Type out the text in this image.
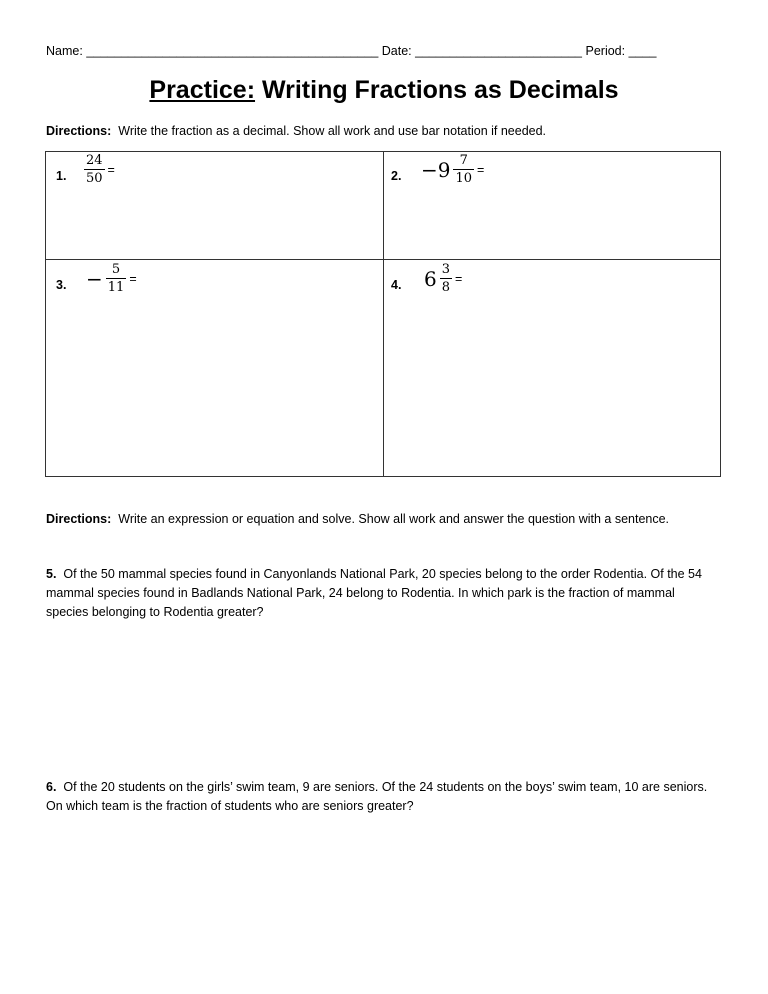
Name: __________________________________________ Date: ________________________ Period: ____
Practice: Writing Fractions as Decimals
Directions: Write the fraction as a decimal. Show all work and use bar notation if needed.
1. $\frac{24}{50}$ =	2. $-9 \frac{7}{10}$ =
3. − $\frac{5}{11}$ =	4. $6 \frac{3}{8}$ =
Directions: Write an expression or equation and solve. Show all work and answer the question with a sentence.
5. Of the 50 mammal species found in Canyonlands National Park, 20 species belong to the order Rodentia. Of the 54 mammal species found in Badlands National Park, 24 belong to Rodentia. In which park is the fraction of mammal species belonging to Rodentia greater?
6. Of the 20 students on the girls’ swim team, 9 are seniors. Of the 24 students on the boys’ swim team, 10 are seniors. On which team is the fraction of students who are seniors greater?
